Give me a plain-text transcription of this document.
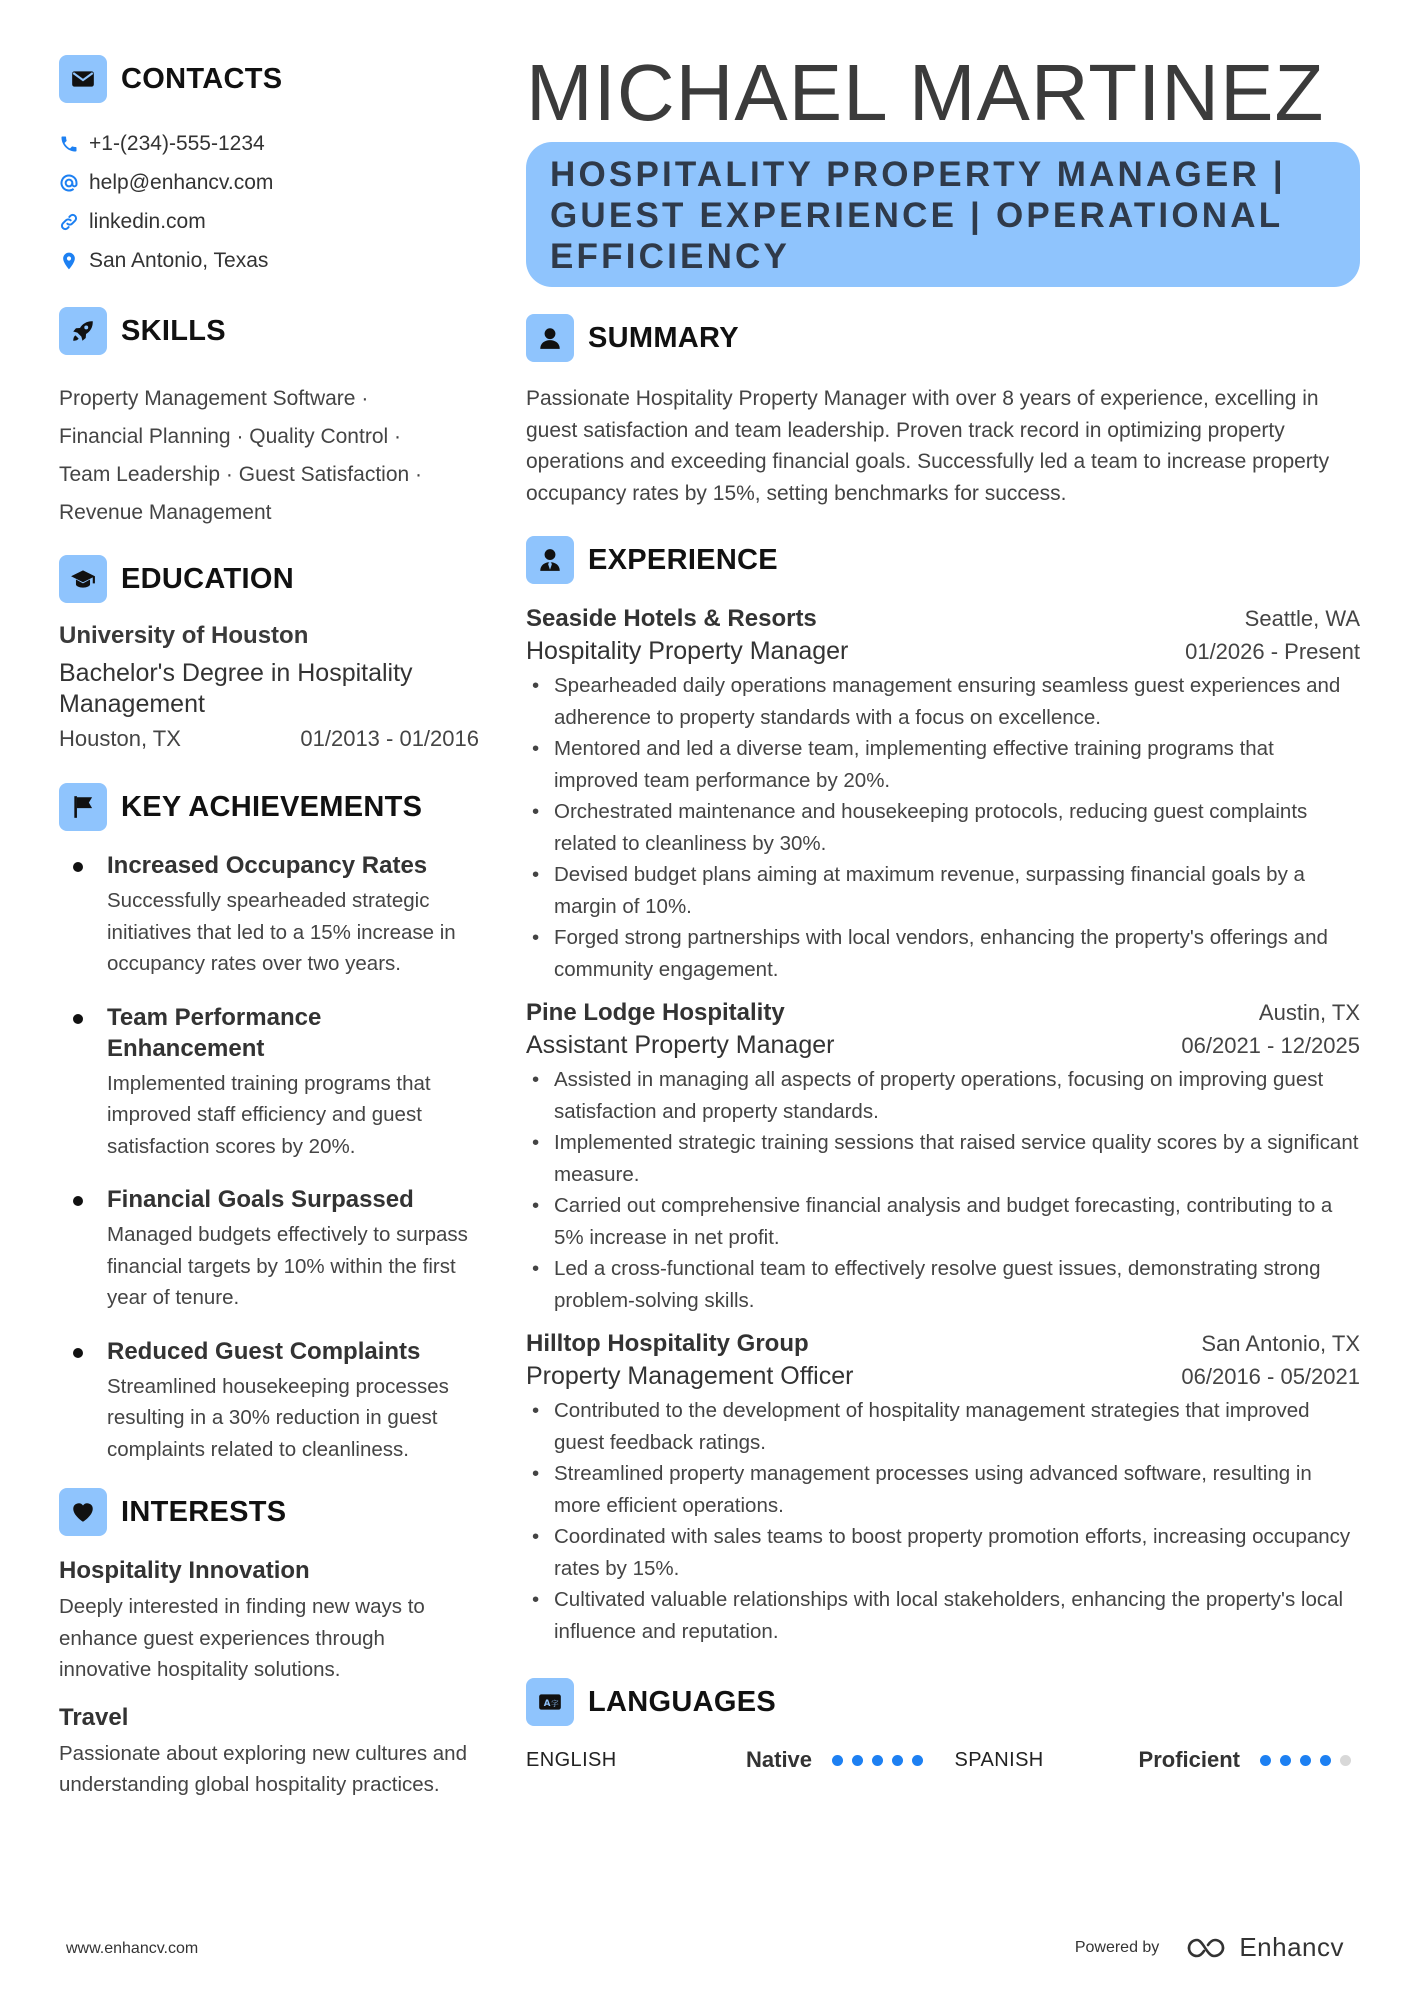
CONTACTS
+1-(234)-555-1234
help@enhancv.com
linkedin.com
San Antonio, Texas
SKILLS
Property Management Software ·
Financial Planning · Quality Control ·
Team Leadership · Guest Satisfaction ·
Revenue Management
EDUCATION
University of Houston
Bachelor's Degree in Hospitality Management
Houston, TX	01/2013 - 01/2016
KEY ACHIEVEMENTS
Increased Occupancy Rates
Successfully spearheaded strategic initiatives that led to a 15% increase in occupancy rates over two years.
Team Performance Enhancement
Implemented training programs that improved staff efficiency and guest satisfaction scores by 20%.
Financial Goals Surpassed
Managed budgets effectively to surpass financial targets by 10% within the first year of tenure.
Reduced Guest Complaints
Streamlined housekeeping processes resulting in a 30% reduction in guest complaints related to cleanliness.
INTERESTS
Hospitality Innovation
Deeply interested in finding new ways to enhance guest experiences through innovative hospitality solutions.
Travel
Passionate about exploring new cultures and understanding global hospitality practices.
MICHAEL MARTINEZ
HOSPITALITY PROPERTY MANAGER | GUEST EXPERIENCE | OPERATIONAL EFFICIENCY
SUMMARY
Passionate Hospitality Property Manager with over 8 years of experience, excelling in guest satisfaction and team leadership. Proven track record in optimizing property operations and exceeding financial goals. Successfully led a team to increase property occupancy rates by 15%, setting benchmarks for success.
EXPERIENCE
Seaside Hotels & Resorts	Seattle, WA
Hospitality Property Manager	01/2026 - Present
• Spearheaded daily operations management ensuring seamless guest experiences and adherence to property standards with a focus on excellence.
• Mentored and led a diverse team, implementing effective training programs that improved team performance by 20%.
• Orchestrated maintenance and housekeeping protocols, reducing guest complaints related to cleanliness by 30%.
• Devised budget plans aiming at maximum revenue, surpassing financial goals by a margin of 10%.
• Forged strong partnerships with local vendors, enhancing the property's offerings and community engagement.
Pine Lodge Hospitality	Austin, TX
Assistant Property Manager	06/2021 - 12/2025
• Assisted in managing all aspects of property operations, focusing on improving guest satisfaction and property standards.
• Implemented strategic training sessions that raised service quality scores by a significant measure.
• Carried out comprehensive financial analysis and budget forecasting, contributing to a 5% increase in net profit.
• Led a cross-functional team to effectively resolve guest issues, demonstrating strong problem-solving skills.
Hilltop Hospitality Group	San Antonio, TX
Property Management Officer	06/2016 - 05/2021
• Contributed to the development of hospitality management strategies that improved guest feedback ratings.
• Streamlined property management processes using advanced software, resulting in more efficient operations.
• Coordinated with sales teams to boost property promotion efforts, increasing occupancy rates by 15%.
• Cultivated valuable relationships with local stakeholders, enhancing the property's local influence and reputation.
A 字 LANGUAGES
ENGLISH	Native	SPANISH	Proficient
www.enhancv.com	Powered by	Enhancv
